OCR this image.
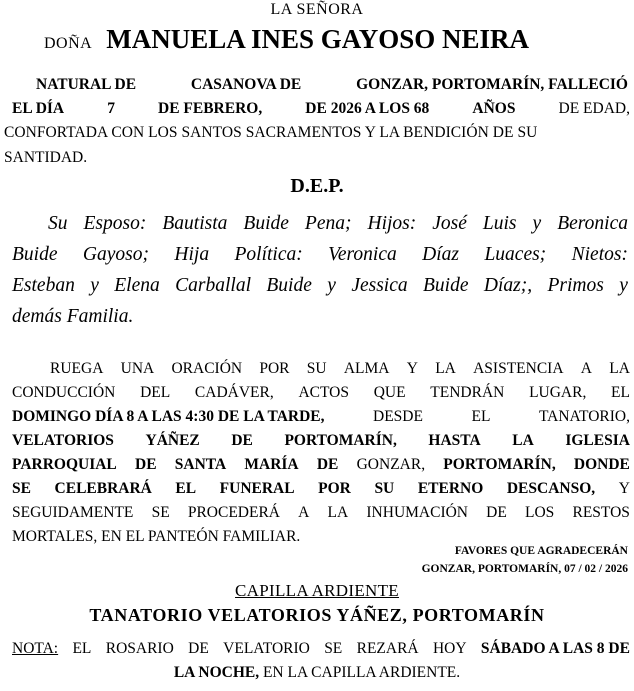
LA SEÑORA
DOÑA MANUELA INES GAYOSO NEIRA
NATURAL DE	CASANOVA DE	GONZAR, PORTOMARÍN, FALLECIÓ
EL DÍA	7	DE FEBRERO,	DE 2026 A LOS 68	AÑOS	DE EDAD,
CONFORTADA CON LOS SANTOS SACRAMENTOS Y LA BENDICIÓN DE SU
SANTIDAD.
D.E.P.
Su Esposo: Bautista Buide Pena; Hijos: José Luis y Beronica
Buide Gayoso; Hija Política: Veronica Díaz Luaces; Nietos:
Esteban y Elena Carballal Buide y Jessica Buide Díaz;, Primos y
demás Familia.
RUEGA UNA ORACIÓN POR SU ALMA Y LA ASISTENCIA A LA
CONDUCCIÓN DEL CADÁVER, ACTOS QUE TENDRÁN LUGAR, EL
DOMINGO DÍA 8 A LAS 4:30 DE LA TARDE,	DESDE	EL	TANATORIO,
VELATORIOS YÁÑEZ DE PORTOMARÍN, HASTA LA IGLESIA
PARROQUIAL DE SANTA MARÍA DE GONZAR, PORTOMARÍN, DONDE
SE CELEBRARÁ EL FUNERAL POR SU ETERNO DESCANSO, Y
SEGUIDAMENTE SE PROCEDERÁ A LA INHUMACIÓN DE LOS RESTOS
MORTALES, EN EL PANTEÓN FAMILIAR.
FAVORES QUE AGRADECERÁN
GONZAR, PORTOMARÍN, 07 / 02 / 2026
CAPILLA ARDIENTE
TANATORIO VELATORIOS YÁÑEZ, PORTOMARÍN
NOTA: EL ROSARIO DE VELATORIO SE REZARÁ HOY SÁBADO A LAS 8 DE
LA NOCHE, EN LA CAPILLA ARDIENTE.
